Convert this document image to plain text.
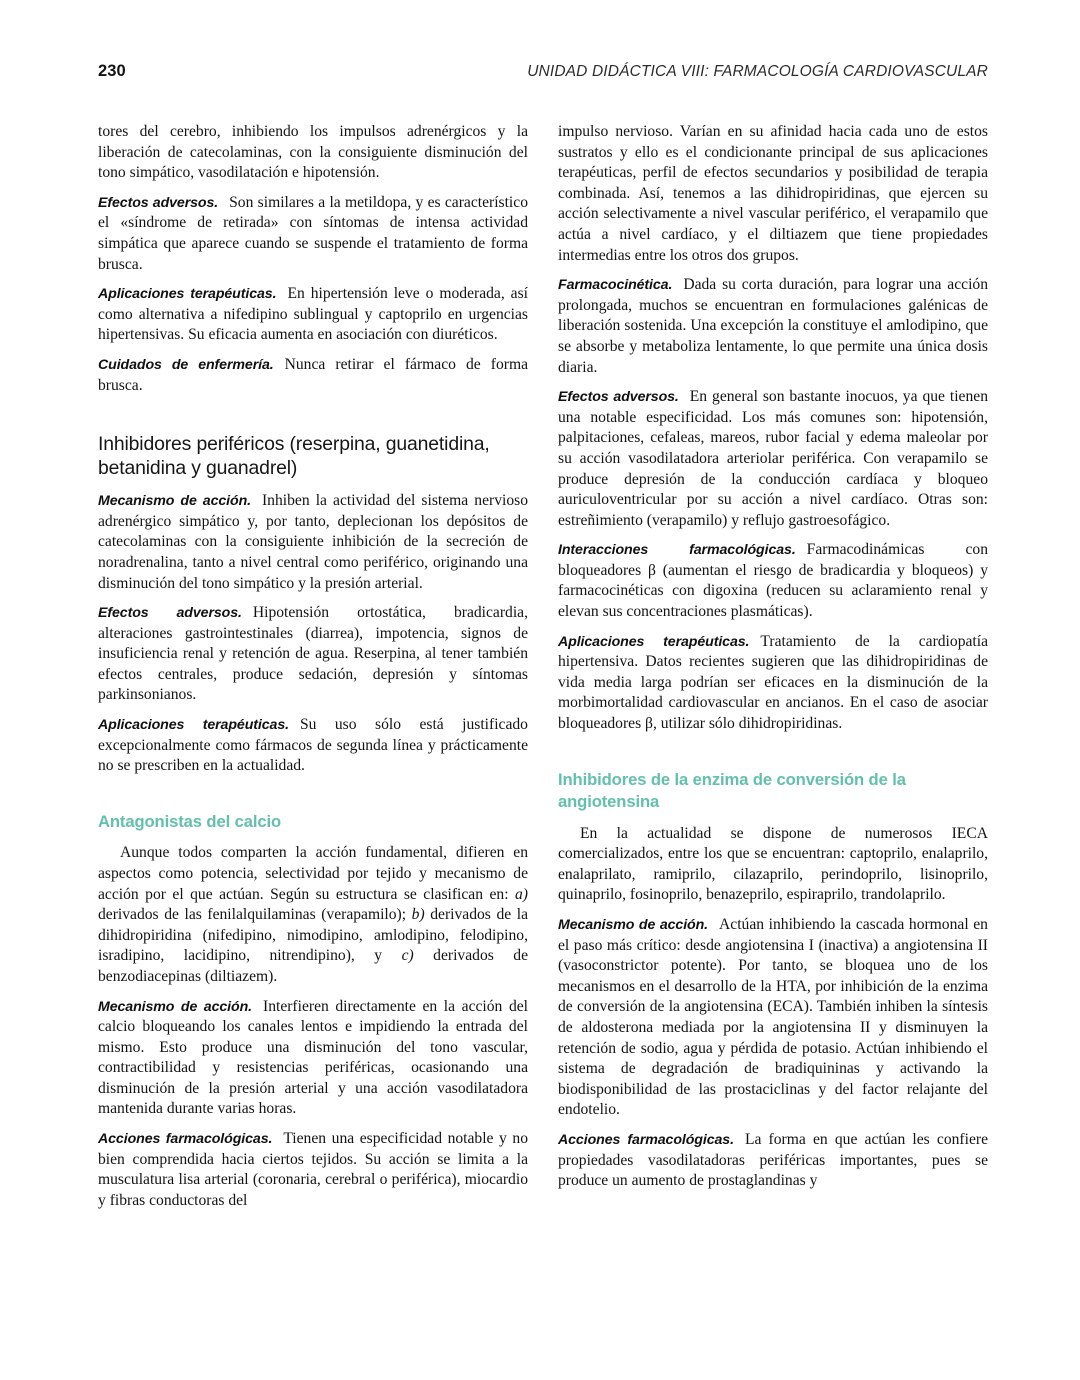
230	UNIDAD DIDÁCTICA VIII: FARMACOLOGÍA CARDIOVASCULAR

tores del cerebro, inhibiendo los impulsos adrenérgicos y la liberación de catecolaminas, con la consiguiente disminución del tono simpático, vasodilatación e hipotensión.

Efectos adversos. Son similares a la metildopa, y es característico el «síndrome de retirada» con síntomas de intensa actividad simpática que aparece cuando se suspende el tratamiento de forma brusca.

Aplicaciones terapéuticas. En hipertensión leve o moderada, así como alternativa a nifedipino sublingual y captoprilo en urgencias hipertensivas. Su eficacia aumenta en asociación con diuréticos.

Cuidados de enfermería. Nunca retirar el fármaco de forma brusca.

Inhibidores periféricos (reserpina, guanetidina, betanidina y guanadrel)

Mecanismo de acción. Inhiben la actividad del sistema nervioso adrenérgico simpático y, por tanto, deplecionan los depósitos de catecolaminas con la consiguiente inhibición de la secreción de noradrenalina, tanto a nivel central como periférico, originando una disminución del tono simpático y la presión arterial.

Efectos adversos. Hipotensión ortostática, bradicardia, alteraciones gastrointestinales (diarrea), impotencia, signos de insuficiencia renal y retención de agua. Reserpina, al tener también efectos centrales, produce sedación, depresión y síntomas parkinsonianos.

Aplicaciones terapéuticas. Su uso sólo está justificado excepcionalmente como fármacos de segunda línea y prácticamente no se prescriben en la actualidad.

Antagonistas del calcio

Aunque todos comparten la acción fundamental, difieren en aspectos como potencia, selectividad por tejido y mecanismo de acción por el que actúan. Según su estructura se clasifican en: a) derivados de las fenilalquilaminas (verapamilo); b) derivados de la dihidropiridina (nifedipino, nimodipino, amlodipino, felodipino, isradipino, lacidipino, nitrendipino), y c) derivados de benzodiacepinas (diltiazem).

Mecanismo de acción. Interfieren directamente en la acción del calcio bloqueando los canales lentos e impidiendo la entrada del mismo. Esto produce una disminución del tono vascular, contractibilidad y resistencias periféricas, ocasionando una disminución de la presión arterial y una acción vasodilatadora mantenida durante varias horas.

Acciones farmacológicas. Tienen una especificidad notable y no bien comprendida hacia ciertos tejidos. Su acción se limita a la musculatura lisa arterial (coronaria, cerebral o periférica), miocardio y fibras conductoras del

impulso nervioso. Varían en su afinidad hacia cada uno de estos sustratos y ello es el condicionante principal de sus aplicaciones terapéuticas, perfil de efectos secundarios y posibilidad de terapia combinada. Así, tenemos a las dihidropiridinas, que ejercen su acción selectivamente a nivel vascular periférico, el verapamilo que actúa a nivel cardíaco, y el diltiazem que tiene propiedades intermedias entre los otros dos grupos.

Farmacocinética. Dada su corta duración, para lograr una acción prolongada, muchos se encuentran en formulaciones galénicas de liberación sostenida. Una excepción la constituye el amlodipino, que se absorbe y metaboliza lentamente, lo que permite una única dosis diaria.

Efectos adversos. En general son bastante inocuos, ya que tienen una notable especificidad. Los más comunes son: hipotensión, palpitaciones, cefaleas, mareos, rubor facial y edema maleolar por su acción vasodilatadora arteriolar periférica. Con verapamilo se produce depresión de la conducción cardíaca y bloqueo auriculoventricular por su acción a nivel cardíaco. Otras son: estreñimiento (verapamilo) y reflujo gastroesofágico.

Interacciones farmacológicas. Farmacodinámicas con bloqueadores β (aumentan el riesgo de bradicardia y bloqueos) y farmacocinéticas con digoxina (reducen su aclaramiento renal y elevan sus concentraciones plasmáticas).

Aplicaciones terapéuticas. Tratamiento de la cardiopatía hipertensiva. Datos recientes sugieren que las dihidropiridinas de vida media larga podrían ser eficaces en la disminución de la morbimortalidad cardiovascular en ancianos. En el caso de asociar bloqueadores β, utilizar sólo dihidropiridinas.

Inhibidores de la enzima de conversión de la angiotensina

En la actualidad se dispone de numerosos IECA comercializados, entre los que se encuentran: captoprilo, enalaprilo, enalaprilato, ramiprilo, cilazaprilo, perindoprilo, lisinoprilo, quinaprilo, fosinoprilo, benazeprilo, espiraprilo, trandolaprilo.

Mecanismo de acción. Actúan inhibiendo la cascada hormonal en el paso más crítico: desde angiotensina I (inactiva) a angiotensina II (vasoconstrictor potente). Por tanto, se bloquea uno de los mecanismos en el desarrollo de la HTA, por inhibición de la enzima de conversión de la angiotensina (ECA). También inhiben la síntesis de aldosterona mediada por la angiotensina II y disminuyen la retención de sodio, agua y pérdida de potasio. Actúan inhibiendo el sistema de degradación de bradiquininas y activando la biodisponibilidad de las prostaciclinas y del factor relajante del endotelio.

Acciones farmacológicas. La forma en que actúan les confiere propiedades vasodilatadoras periféricas importantes, pues se produce un aumento de prostaglandinas y
